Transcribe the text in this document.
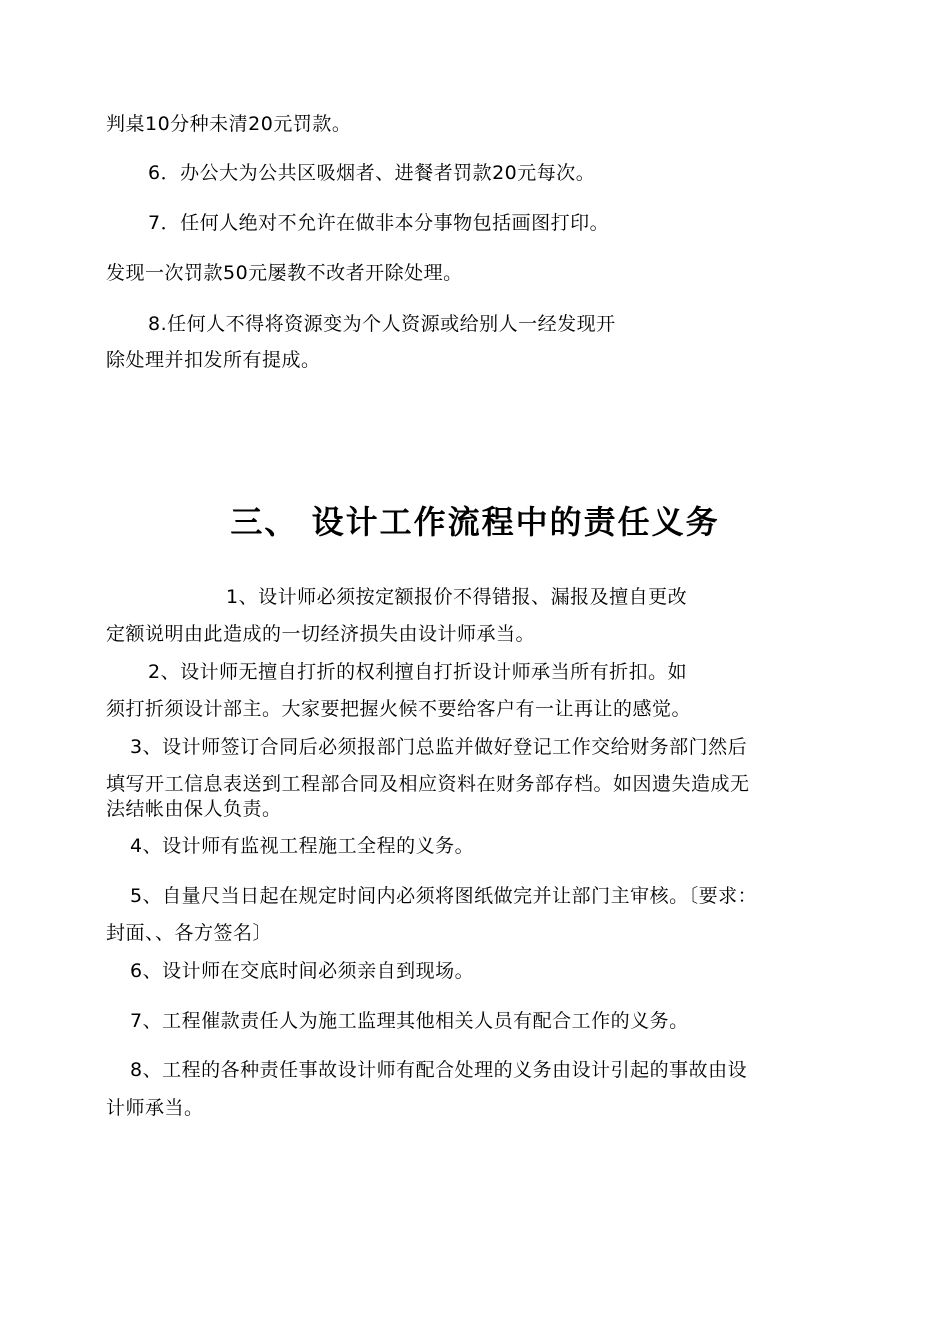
判桌10分种未清20元罚款。
6．办公大为公共区吸烟者、进餐者罚款20元每次。
7．任何人绝对不允许在做非本分事物包括画图打印。
发现一次罚款50元屡教不改者开除处理。
8.任何人不得将资源变为个人资源或给别人一经发现开
除处理并扣发所有提成。
三、 设计工作流程中的责任义务
1、设计师必须按定额报价不得错报、漏报及擅自更改
定额说明由此造成的一切经济损失由设计师承当。
2、设计师无擅自打折的权利擅自打折设计师承当所有折扣。如
须打折须设计部主。大家要把握火候不要给客户有一让再让的感觉。
3、设计师签订合同后必须报部门总监并做好登记工作交给财务部门然后
填写开工信息表送到工程部合同及相应资料在财务部存档。如因遗失造成无
法结帐由保人负责。
4、设计师有监视工程施工全程的义务。
5、自量尺当日起在规定时间内必须将图纸做完并让部门主审核。〔要求：
封面、、各方签名〕
6、设计师在交底时间必须亲自到现场。
7、工程催款责任人为施工监理其他相关人员有配合工作的义务。
8、工程的各种责任事故设计师有配合处理的义务由设计引起的事故由设
计师承当。
